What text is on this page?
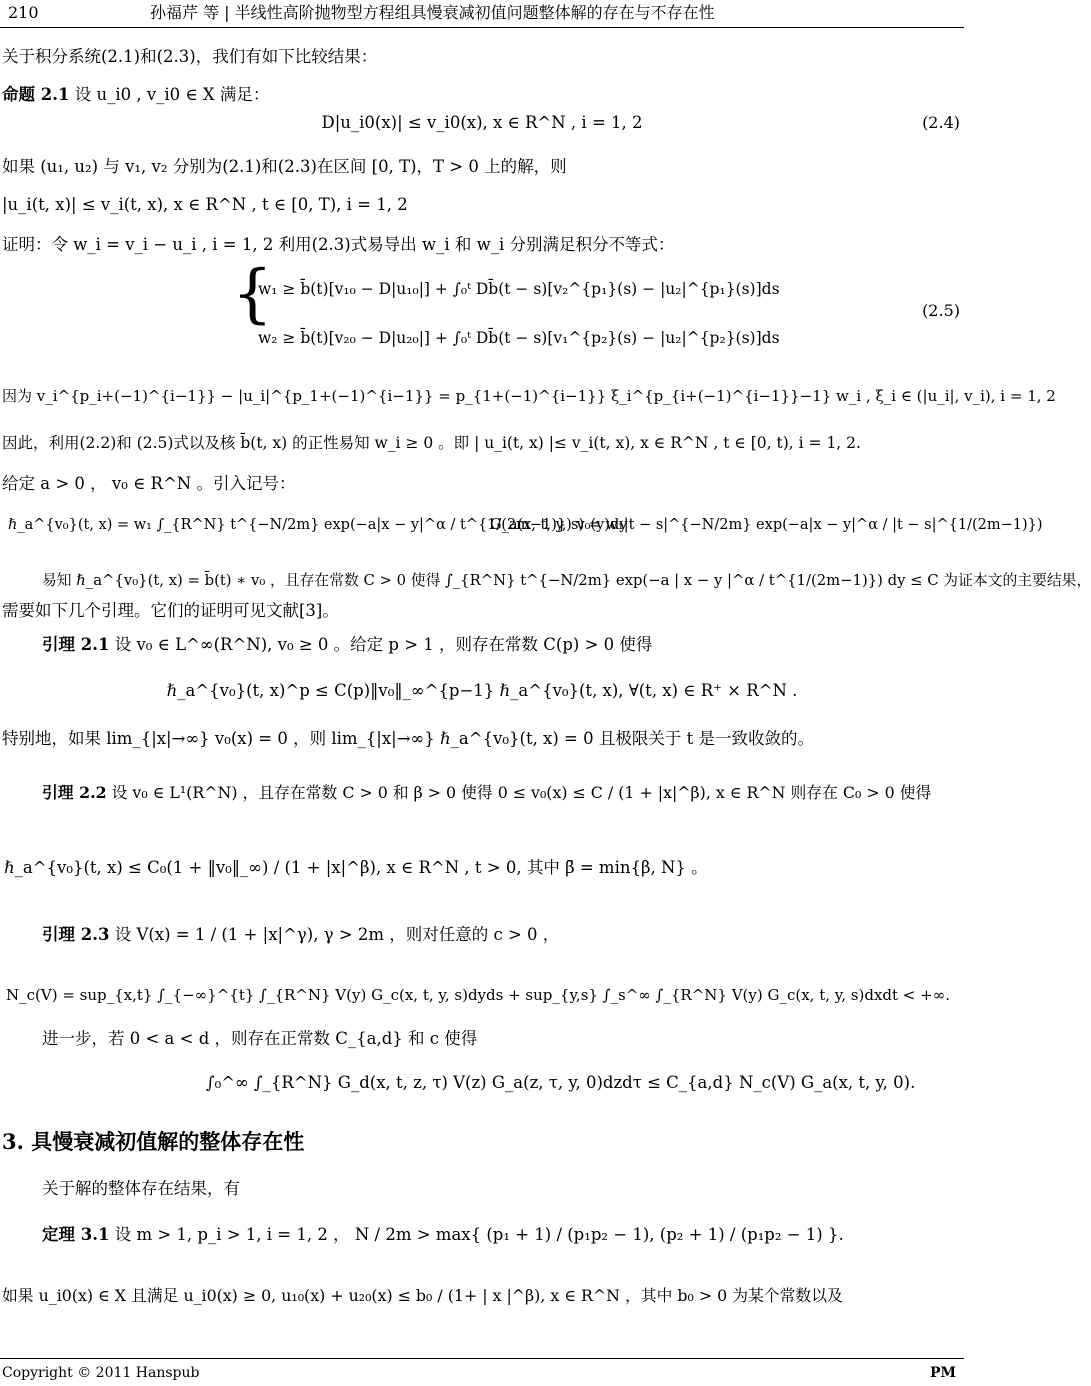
210	孙福芹 等 | 半线性高阶抛物型方程组具慢衰减初值问题整体解的存在与不存在性
关于积分系统(2.1)和(2.3)，我们有如下比较结果：
命题 2.1 设 u_i0 , v_i0 ∈ X 满足：
D|u_i0(x)| ≤ v_i0(x), x ∈ R^N , i = 1, 2	(2.4)
如果 (u₁, u₂) 与 v₁, v₂ 分别为(2.1)和(2.3)在区间 [0, T)，T > 0 上的解，则
|u_i(t, x)| ≤ v_i(t, x), x ∈ R^N , t ∈ [0, T), i = 1, 2
证明：令 w_i = v_i − u_i , i = 1, 2 利用(2.3)式易导出 w_i 和 w_i 分别满足积分不等式：
{
w₁ ≥ b̄(t)[v₁₀ − D|u₁₀|] + ∫₀ᵗ Db̄(t − s)[v₂^{p₁}(s) − |u₂|^{p₁}(s)]ds
w₂ ≥ b̄(t)[v₂₀ − D|u₂₀|] + ∫₀ᵗ Db̄(t − s)[v₁^{p₂}(s) − |u₂|^{p₂}(s)]ds
(2.5)
因为 v_i^{p_i+(−1)^{i−1}} − |u_i|^{p_1+(−1)^{i−1}} = p_{1+(−1)^{i−1}} ξ_i^{p_{i+(−1)^{i−1}}−1} w_i , ξ_i ∈ (|u_i|, v_i), i = 1, 2
因此，利用(2.2)和 (2.5)式以及核 b̄(t, x) 的正性易知 w_i ≥ 0 。即 | u_i(t, x) |≤ v_i(t, x), x ∈ R^N , t ∈ [0, t), i = 1, 2.
给定 a > 0 ， v₀ ∈ R^N 。引入记号：
ℏ_a^{v₀}(t, x) = w₁ ∫_{R^N} t^{−N/2m} exp(−a|x − y|^α / t^{1/(2m−1)}) v₀(y)dy
G_a(x, t, y, s) = w₁|t − s|^{−N/2m} exp(−a|x − y|^α / |t − s|^{1/(2m−1)})
易知 ℏ_a^{v₀}(t, x) = b̄(t) ∗ v₀ ，且存在常数 C > 0 使得 ∫_{R^N} t^{−N/2m} exp(−a | x − y |^α / t^{1/(2m−1)}) dy ≤ C 为证本文的主要结果，
需要如下几个引理。它们的证明可见文献[3]。
引理 2.1 设 v₀ ∈ L^∞(R^N), v₀ ≥ 0 。给定 p > 1 ，则存在常数 C(p) > 0 使得
ℏ_a^{v₀}(t, x)^p ≤ C(p)‖v₀‖_∞^{p−1} ℏ_a^{v₀}(t, x), ∀(t, x) ∈ R⁺ × R^N .
特别地，如果 lim_{|x|→∞} v₀(x) = 0 ，则 lim_{|x|→∞} ℏ_a^{v₀}(t, x) = 0 且极限关于 t 是一致收敛的。
引理 2.2 设 v₀ ∈ L¹(R^N) ，且存在常数 C > 0 和 β > 0 使得 0 ≤ v₀(x) ≤ C / (1 + |x|^β), x ∈ R^N 则存在 C₀ > 0 使得
ℏ_a^{v₀}(t, x) ≤ C₀(1 + ‖v₀‖_∞) / (1 + |x|^β), x ∈ R^N , t > 0, 其中 β̄ = min{β, N} 。
引理 2.3 设 V(x) = 1 / (1 + |x|^γ), γ > 2m ，则对任意的 c > 0 ，
N_c(V) = sup_{x,t} ∫_{−∞}^{t} ∫_{R^N} V(y) G_c(x, t, y, s)dyds + sup_{y,s} ∫_s^∞ ∫_{R^N} V(y) G_c(x, t, y, s)dxdt < +∞.
进一步，若 0 < a < d ，则存在正常数 C_{a,d} 和 c 使得
∫₀^∞ ∫_{R^N} G_d(x, t, z, τ) V(z) G_a(z, τ, y, 0)dzdτ ≤ C_{a,d} N_c(V) G_a(x, t, y, 0).
3. 具慢衰减初值解的整体存在性
关于解的整体存在结果，有
定理 3.1 设 m > 1, p_i > 1, i = 1, 2 ， N / 2m > max{ (p₁ + 1) / (p₁p₂ − 1), (p₂ + 1) / (p₁p₂ − 1) }.
如果 u_i0(x) ∈ X 且满足 u_i0(x) ≥ 0, u₁₀(x) + u₂₀(x) ≤ b₀ / (1+ | x |^β), x ∈ R^N ，其中 b₀ > 0 为某个常数以及
Copyright © 2011 Hanspub	PM
